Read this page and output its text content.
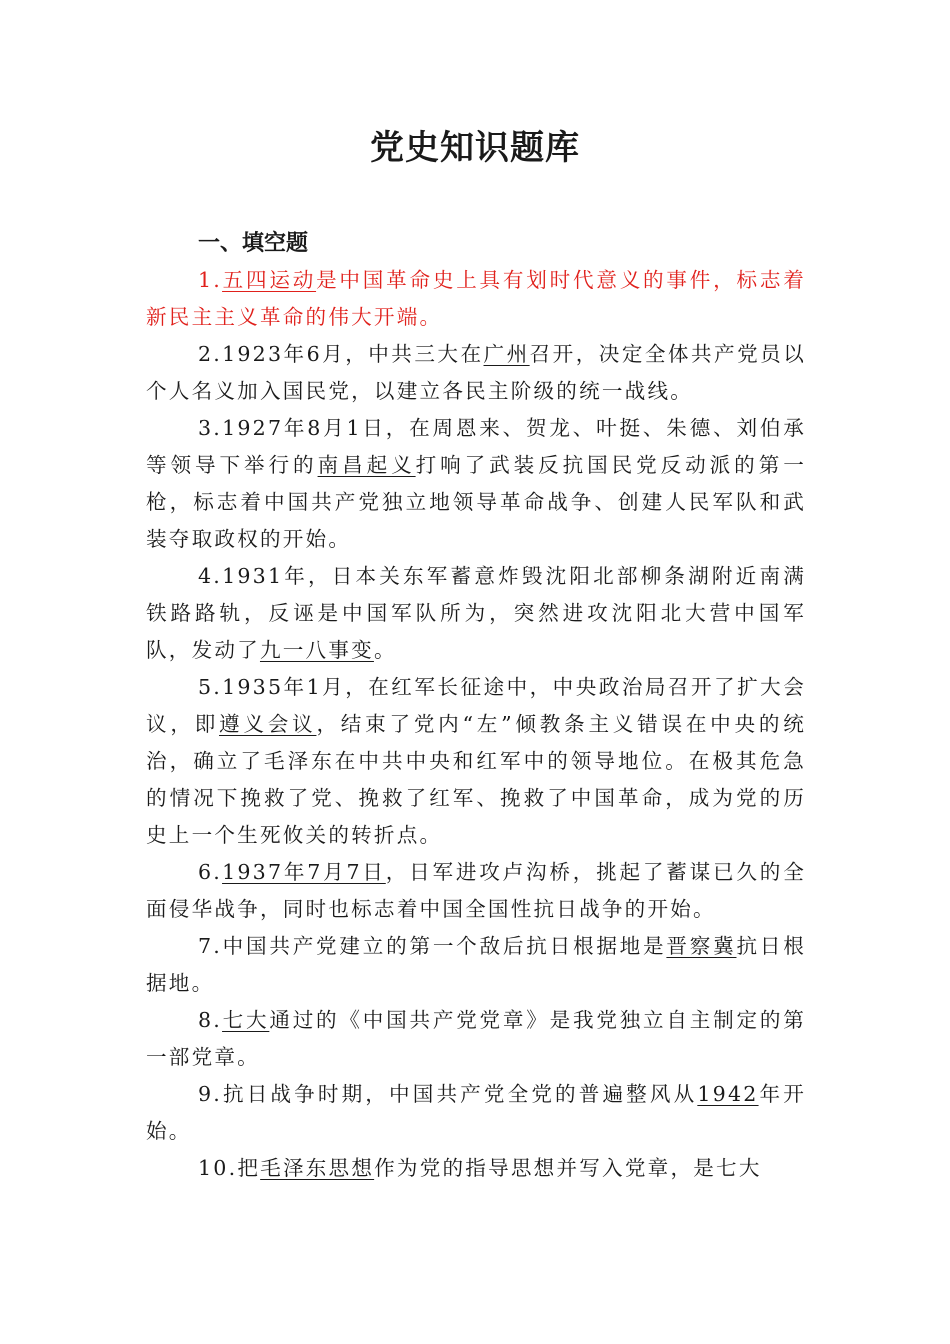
党史知识题库
一、填空题

1.五四运动是中国革命史上具有划时代意义的事件，标志着新民主主义革命的伟大开端。

2.1923年6月，中共三大在广州召开，决定全体共产党员以个人名义加入国民党，以建立各民主阶级的统一战线。

3.1927年8月1日，在周恩来、贺龙、叶挺、朱德、刘伯承等领导下举行的南昌起义打响了武装反抗国民党反动派的第一枪，标志着中国共产党独立地领导革命战争、创建人民军队和武装夺取政权的开始。

4.1931年，日本关东军蓄意炸毁沈阳北部柳条湖附近南满铁路路轨，反诬是中国军队所为，突然进攻沈阳北大营中国军队，发动了九一八事变。

5.1935年1月，在红军长征途中，中央政治局召开了扩大会议，即遵义会议，结束了党内“左”倾教条主义错误在中央的统治，确立了毛泽东在中共中央和红军中的领导地位。在极其危急的情况下挽救了党、挽救了红军、挽救了中国革命，成为党的历史上一个生死攸关的转折点。

6.1937年7月7日，日军进攻卢沟桥，挑起了蓄谋已久的全面侵华战争，同时也标志着中国全国性抗日战争的开始。

7.中国共产党建立的第一个敌后抗日根据地是晋察冀抗日根据地。

8.七大通过的《中国共产党党章》是我党独立自主制定的第一部党章。

9.抗日战争时期，中国共产党全党的普遍整风从1942年开始。

10.把毛泽东思想作为党的指导思想并写入党章，是七大
